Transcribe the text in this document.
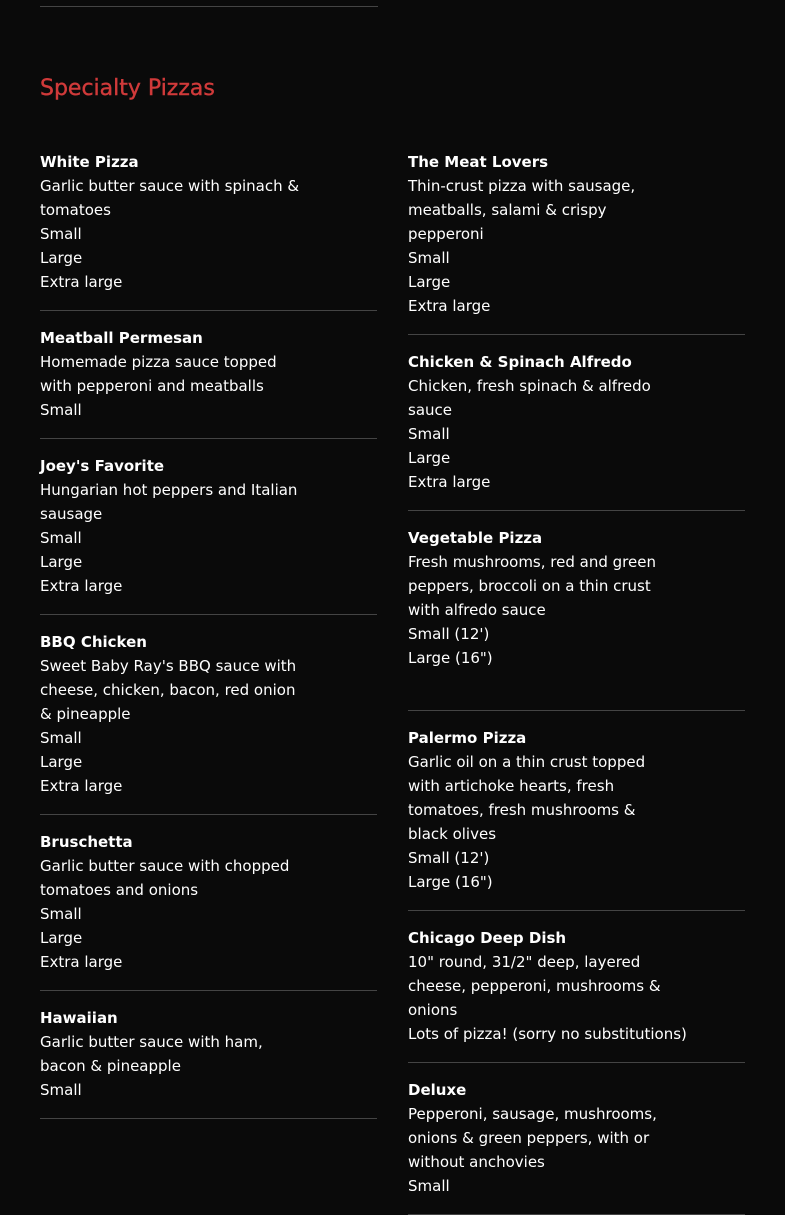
Specialty Pizzas
White Pizza
Garlic butter sauce with spinach & tomatoes
Small
Large
Extra large
Meatball Permesan
Homemade pizza sauce topped with pepperoni and meatballs
Small
Joey's Favorite
Hungarian hot peppers and Italian sausage
Small
Large
Extra large
BBQ Chicken
Sweet Baby Ray's BBQ sauce with cheese, chicken, bacon, red onion & pineapple
Small
Large
Extra large
Bruschetta
Garlic butter sauce with chopped tomatoes and onions
Small
Large
Extra large
Hawaiian
Garlic butter sauce with ham, bacon & pineapple
Small
The Meat Lovers
Thin-crust pizza with sausage, meatballs, salami & crispy pepperoni
Small
Large
Extra large
Chicken & Spinach Alfredo
Chicken, fresh spinach & alfredo sauce
Small
Large
Extra large
Vegetable Pizza
Fresh mushrooms, red and green peppers, broccoli on a thin crust with alfredo sauce
Small (12')
Large (16")
Palermo Pizza
Garlic oil on a thin crust topped with artichoke hearts, fresh tomatoes, fresh mushrooms & black olives
Small (12')
Large (16")
Chicago Deep Dish
10" round, 31/2" deep, layered cheese, pepperoni, mushrooms & onions
Lots of pizza! (sorry no substitutions)
Deluxe
Pepperoni, sausage, mushrooms, onions & green peppers, with or without anchovies
Small
